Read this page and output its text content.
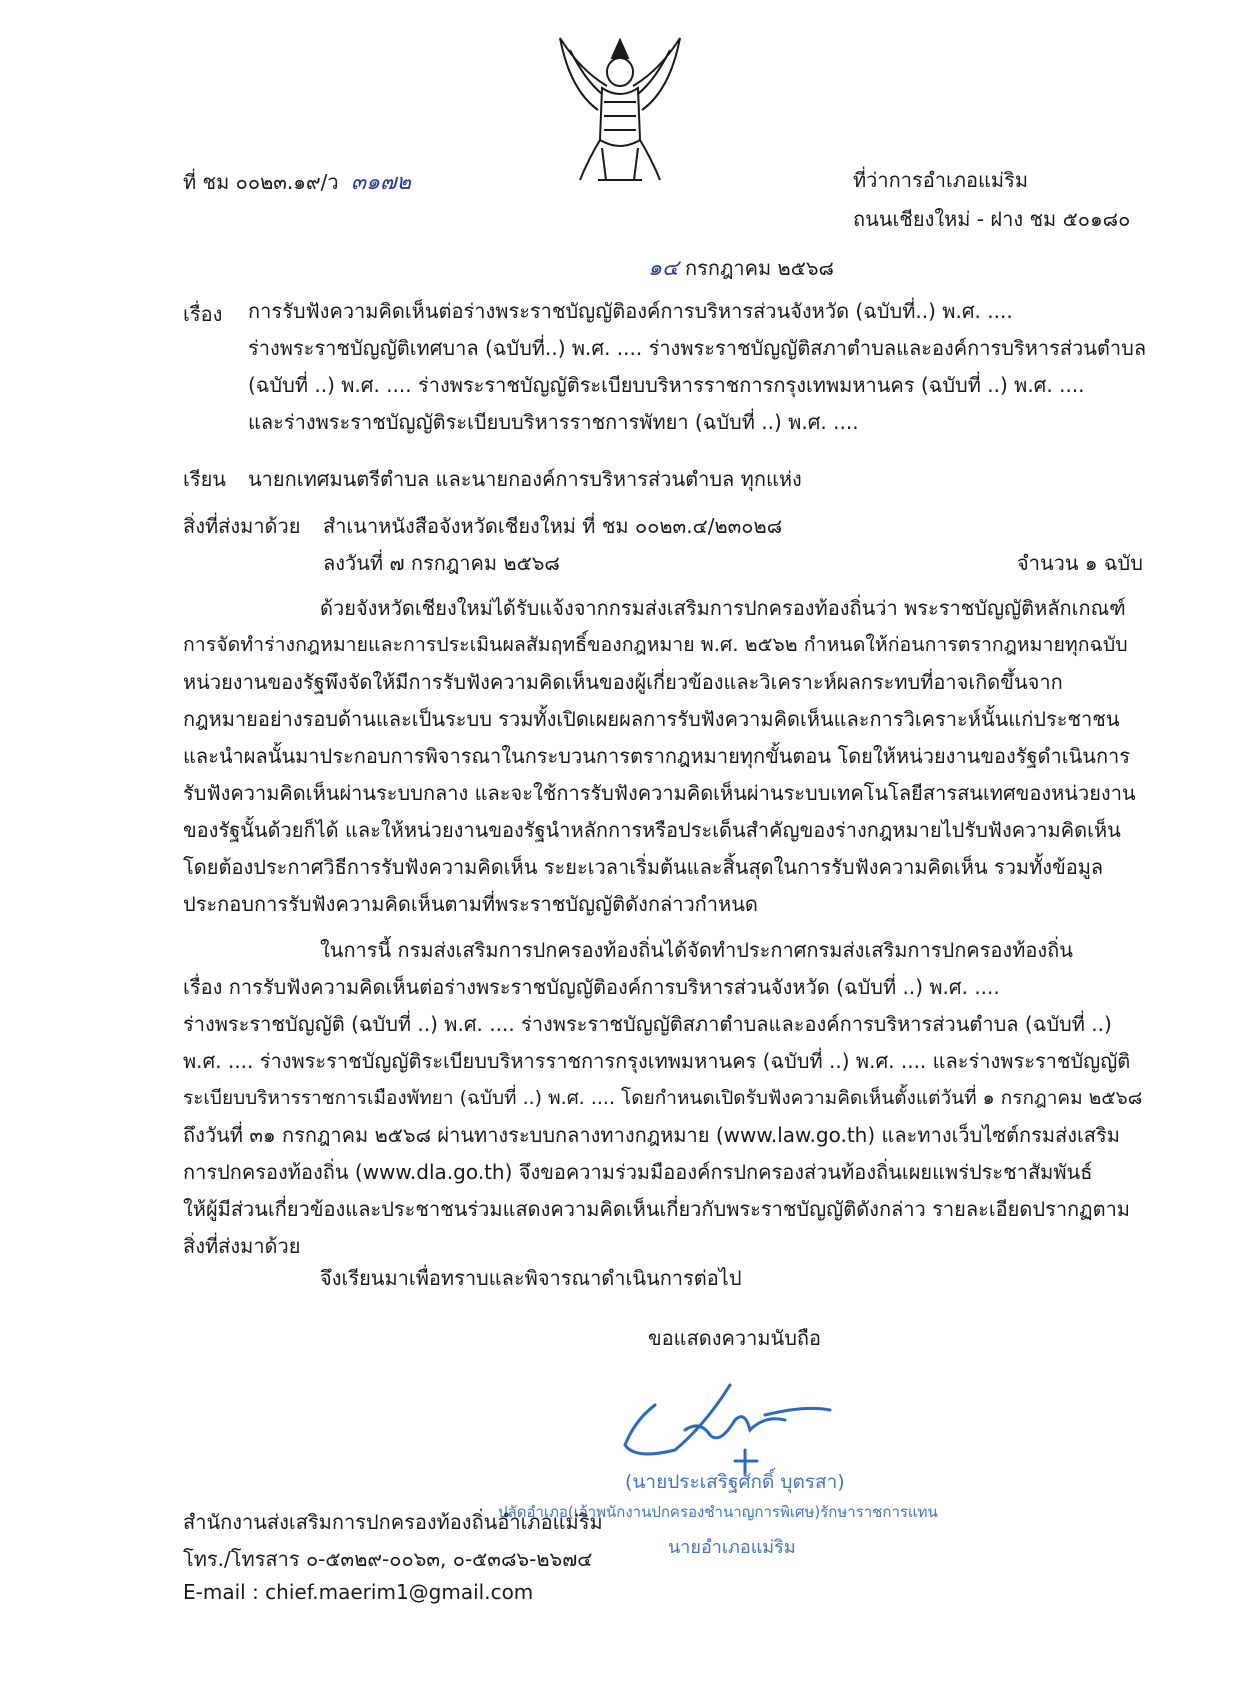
ที่ ชม ๐๐๒๓.๑๙/ว ๓๑๗๒	ที่ว่าการอำเภอแม่ริม
ถนนเชียงใหม่ - ฝาง ชม ๕๐๑๘๐
๑๔ กรกฎาคม ๒๕๖๘
เรื่อง การรับฟังความคิดเห็นต่อร่างพระราชบัญญัติองค์การบริหารส่วนจังหวัด (ฉบับที่..) พ.ศ. ....
ร่างพระราชบัญญัติเทศบาล (ฉบับที่..) พ.ศ. .... ร่างพระราชบัญญัติสภาตำบลและองค์การบริหารส่วนตำบล
(ฉบับที่ ..) พ.ศ. .... ร่างพระราชบัญญัติระเบียบบริหารราชการกรุงเทพมหานคร (ฉบับที่ ..) พ.ศ. ....
และร่างพระราชบัญญัติระเบียบบริหารราชการพัทยา (ฉบับที่ ..) พ.ศ. ....
เรียน นายกเทศมนตรีตำบล และนายกองค์การบริหารส่วนตำบล ทุกแห่ง
สิ่งที่ส่งมาด้วย สำเนาหนังสือจังหวัดเชียงใหม่ ที่ ชม ๐๐๒๓.๔/๒๓๐๒๘
ลงวันที่ ๗ กรกฎาคม ๒๕๖๘	จำนวน ๑ ฉบับ
ด้วยจังหวัดเชียงใหม่ได้รับแจ้งจากกรมส่งเสริมการปกครองท้องถิ่นว่า พระราชบัญญัติหลักเกณฑ์
การจัดทำร่างกฎหมายและการประเมินผลสัมฤทธิ์ของกฎหมาย พ.ศ. ๒๕๖๒ กำหนดให้ก่อนการตรากฎหมายทุกฉบับ
หน่วยงานของรัฐพึงจัดให้มีการรับฟังความคิดเห็นของผู้เกี่ยวข้องและวิเคราะห์ผลกระทบที่อาจเกิดขึ้นจาก
กฎหมายอย่างรอบด้านและเป็นระบบ รวมทั้งเปิดเผยผลการรับฟังความคิดเห็นและการวิเคราะห์นั้นแก่ประชาชน
และนำผลนั้นมาประกอบการพิจารณาในกระบวนการตรากฎหมายทุกขั้นตอน โดยให้หน่วยงานของรัฐดำเนินการ
รับฟังความคิดเห็นผ่านระบบกลาง และจะใช้การรับฟังความคิดเห็นผ่านระบบเทคโนโลยีสารสนเทศของหน่วยงาน
ของรัฐนั้นด้วยก็ได้ และให้หน่วยงานของรัฐนำหลักการหรือประเด็นสำคัญของร่างกฎหมายไปรับฟังความคิดเห็น
โดยต้องประกาศวิธีการรับฟังความคิดเห็น ระยะเวลาเริ่มต้นและสิ้นสุดในการรับฟังความคิดเห็น รวมทั้งข้อมูล
ประกอบการรับฟังความคิดเห็นตามที่พระราชบัญญัติดังกล่าวกำหนด
ในการนี้ กรมส่งเสริมการปกครองท้องถิ่นได้จัดทำประกาศกรมส่งเสริมการปกครองท้องถิ่น
เรื่อง การรับฟังความคิดเห็นต่อร่างพระราชบัญญัติองค์การบริหารส่วนจังหวัด (ฉบับที่ ..) พ.ศ. ....
ร่างพระราชบัญญัติ (ฉบับที่ ..) พ.ศ. .... ร่างพระราชบัญญัติสภาตำบลและองค์การบริหารส่วนตำบล (ฉบับที่ ..)
พ.ศ. .... ร่างพระราชบัญญัติระเบียบบริหารราชการกรุงเทพมหานคร (ฉบับที่ ..) พ.ศ. .... และร่างพระราชบัญญัติ
ระเบียบบริหารราชการเมืองพัทยา (ฉบับที่ ..) พ.ศ. .... โดยกำหนดเปิดรับฟังความคิดเห็นตั้งแต่วันที่ ๑ กรกฎาคม ๒๕๖๘
ถึงวันที่ ๓๑ กรกฎาคม ๒๕๖๘ ผ่านทางระบบกลางทางกฎหมาย (www.law.go.th) และทางเว็บไซต์กรมส่งเสริม
การปกครองท้องถิ่น (www.dla.go.th) จึงขอความร่วมมือองค์กรปกครองส่วนท้องถิ่นเผยแพร่ประชาสัมพันธ์
ให้ผู้มีส่วนเกี่ยวข้องและประชาชนร่วมแสดงความคิดเห็นเกี่ยวกับพระราชบัญญัติดังกล่าว รายละเอียดปรากฏตาม
สิ่งที่ส่งมาด้วย
จึงเรียนมาเพื่อทราบและพิจารณาดำเนินการต่อไป
ขอแสดงความนับถือ
(นายประเสริฐศักดิ์ บุตรสา)
ปลัดอำเภอ(เจ้าพนักงานปกครองชำนาญการพิเศษ)รักษาราชการแทน
นายอำเภอแม่ริม
สำนักงานส่งเสริมการปกครองท้องถิ่นอำเภอแม่ริม
โทร./โทรสาร ๐-๕๓๒๙-๐๐๖๓, ๐-๕๓๘๖-๒๖๗๔
E-mail : chief.maerim1@gmail.com
